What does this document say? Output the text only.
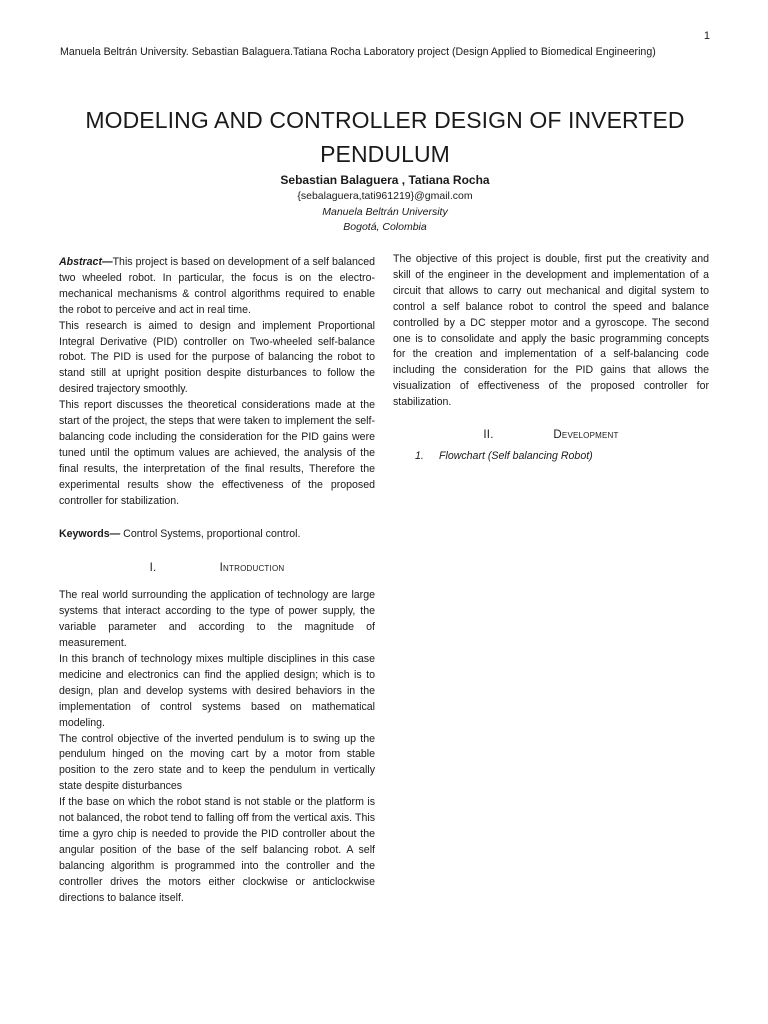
1
Manuela Beltrán University. Sebastian Balaguera.Tatiana Rocha Laboratory project (Design Applied to Biomedical Engineering)
MODELING AND CONTROLLER DESIGN OF INVERTED
PENDULUM
Sebastian Balaguera , Tatiana Rocha
{sebalaguera,tati961219}@gmail.com
Manuela Beltrán University
Bogotá, Colombia

Abstract—This project is based on development of a self balanced two wheeled robot. In particular, the focus is on the electro-mechanical mechanisms & control algorithms required to enable the robot to perceive and act in real time.

This research is aimed to design and implement Proportional Integral Derivative (PID) controller on Two-wheeled self-balance robot. The PID is used for the purpose of balancing the robot to stand still at upright position despite disturbances to follow the desired trajectory smoothly.

This report discusses the theoretical considerations made at the start of the project, the steps that were taken to implement the self-balancing code including the consideration for the PID gains were tuned until the optimum values are achieved, the analysis of the final results, the interpretation of the final results, Therefore the experimental results show the effectiveness of the proposed controller for stabilization.

Keywords— Control Systems, proportional control.

I.	Introduction

The real world surrounding the application of technology are large systems that interact according to the type of power supply, the variable parameter and according to the magnitude of measurement.

In this branch of technology mixes multiple disciplines in this case medicine and electronics can find the applied design; which is to design, plan and develop systems with desired behaviors in the implementation of control systems based on mathematical modeling.

The control objective of the inverted pendulum is to swing up the pendulum hinged on the moving cart by a motor from stable position to the zero state and to keep the pendulum in vertically state despite disturbances

If the base on which the robot stand is not stable or the platform is not balanced, the robot tend to falling off from the vertical axis. This time a gyro chip is needed to provide the PID controller about the angular position of the base of the self balancing robot. A self balancing algorithm is programmed into the controller and the controller drives the motors either clockwise or anticlockwise directions to balance itself.

The objective of this project is double, first put the creativity and skill of the engineer in the development and implementation of a circuit that allows to carry out mechanical and digital system to control a self balance robot to control the speed and balance controlled by a DC stepper motor and a gyroscope. The second one is to consolidate and apply the basic programming concepts for the creation and implementation of a self-balancing code including the consideration for the PID gains that allows the visualization of effectiveness of the proposed controller for stabilization.

II.	Development
1.	Flowchart (Self balancing Robot)
